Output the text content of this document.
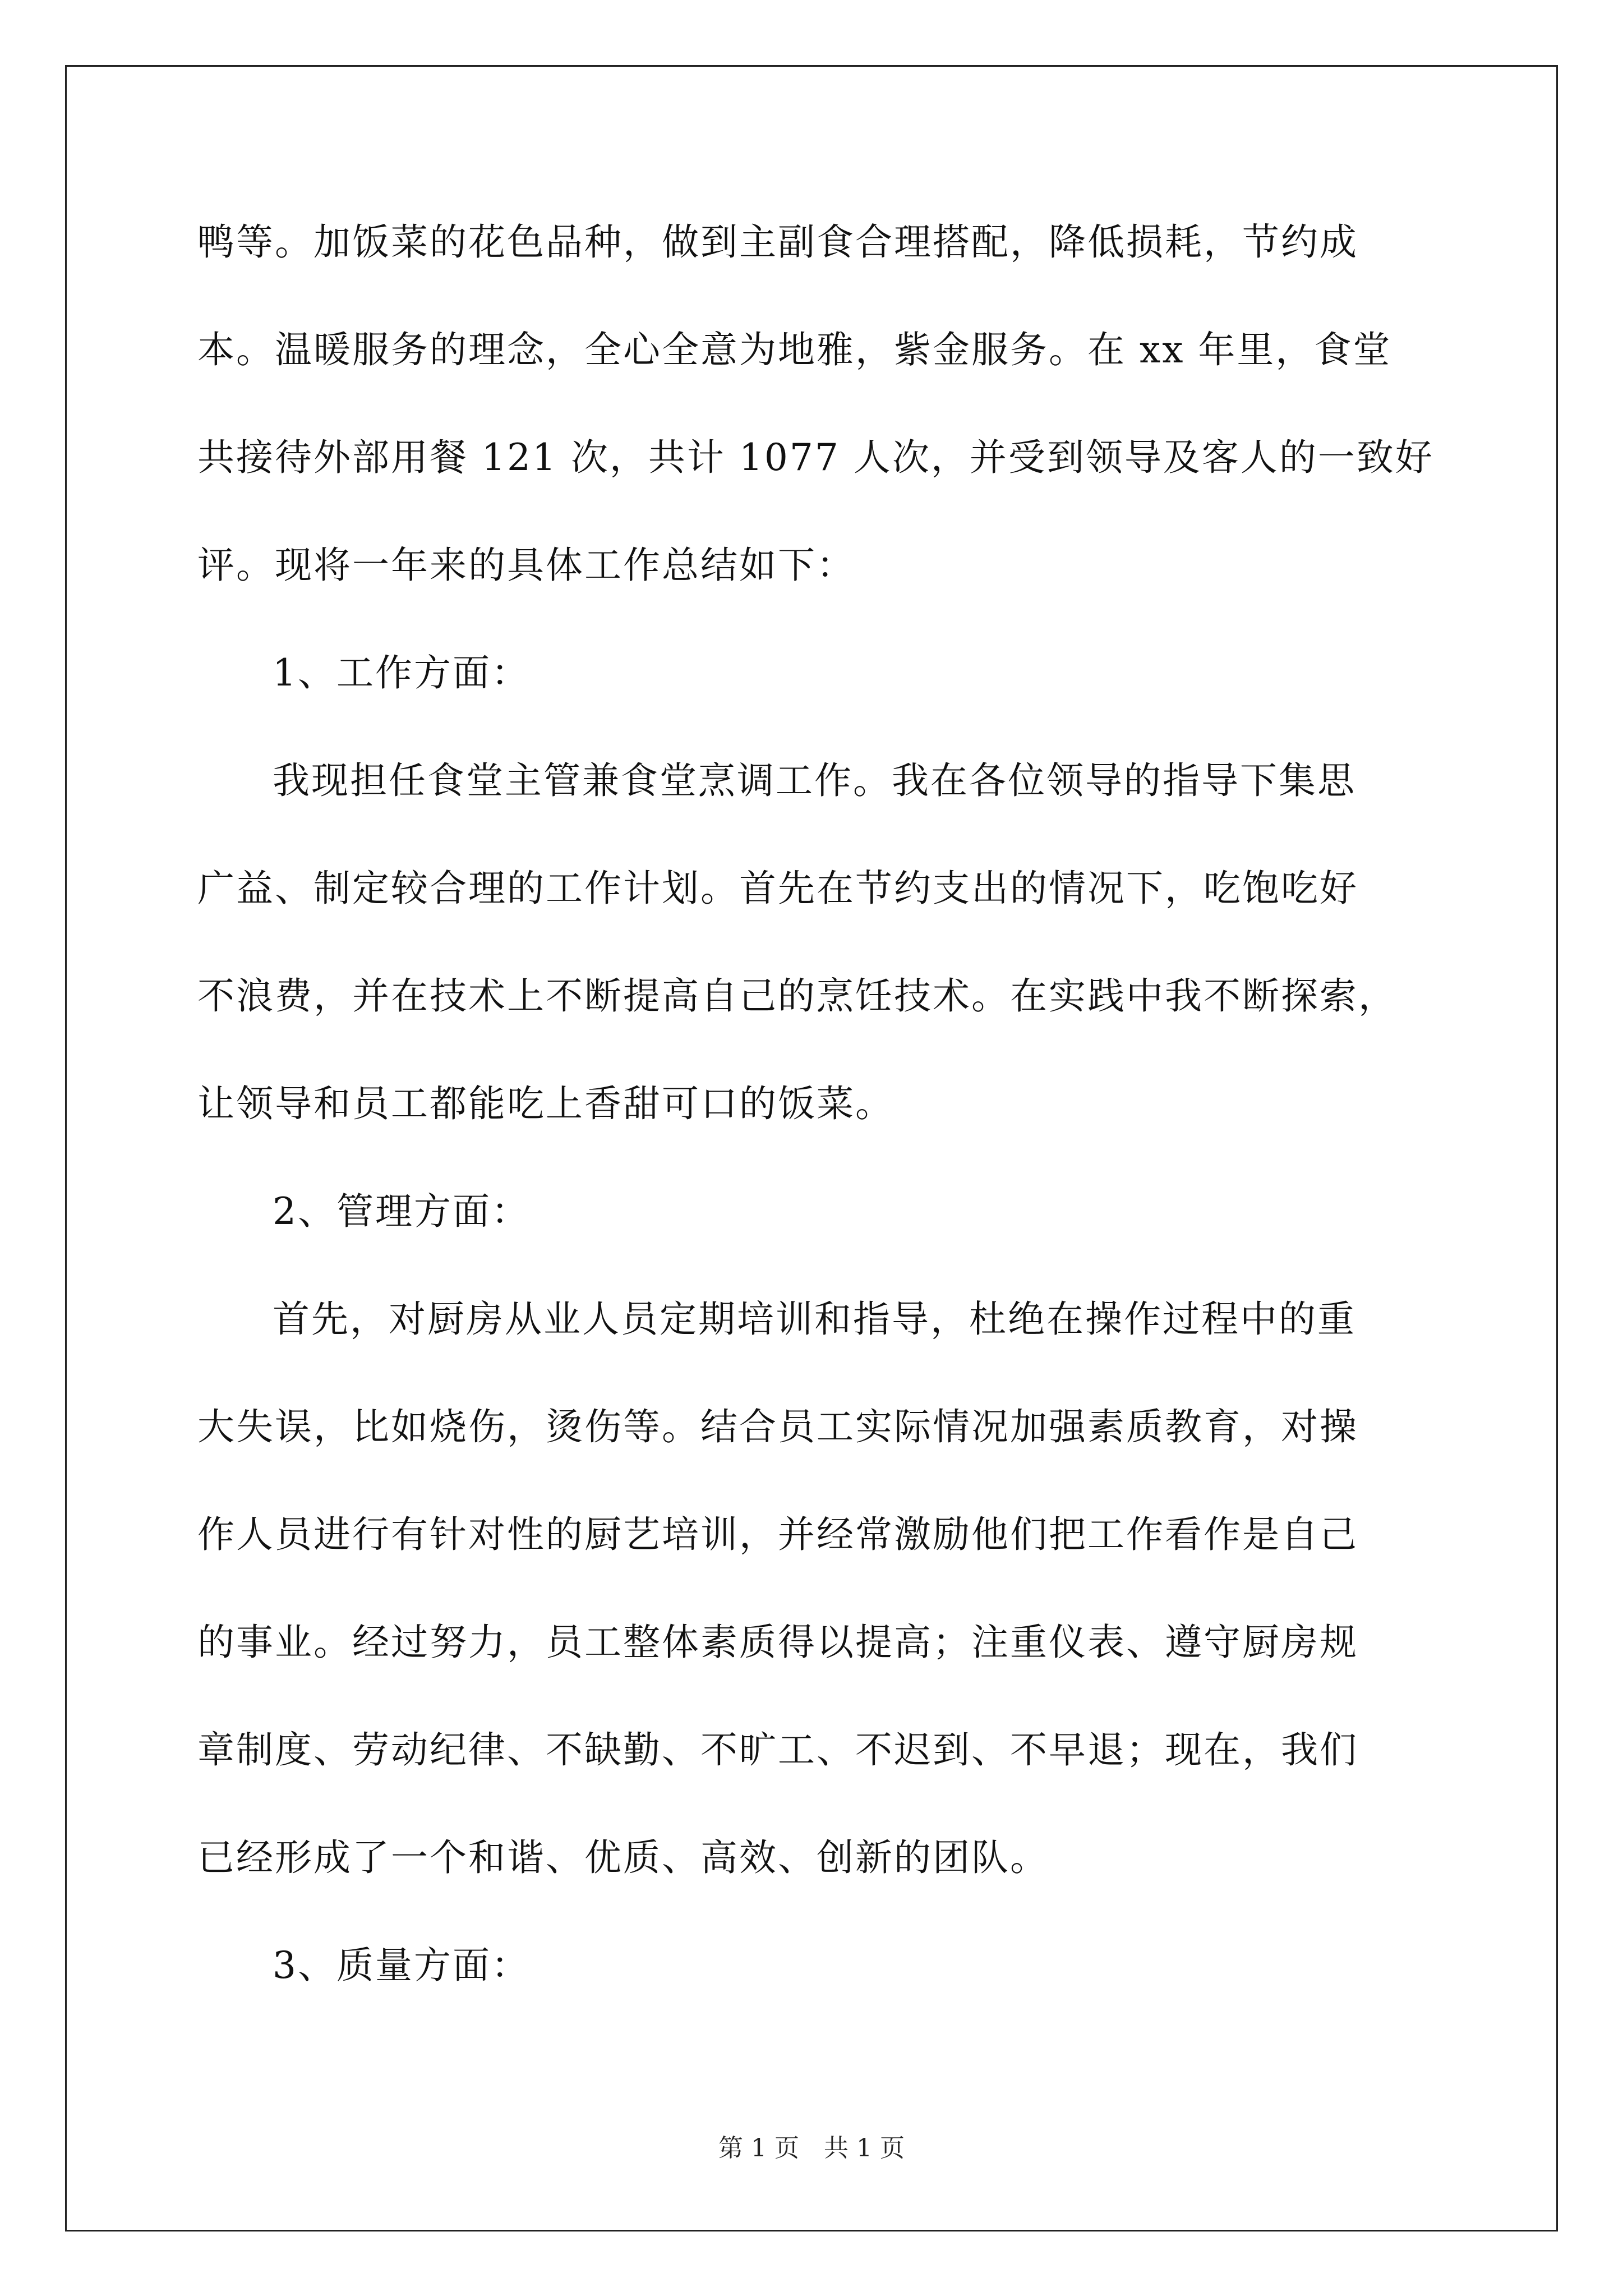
鸭等。加饭菜的花色品种，做到主副食合理搭配，降低损耗，节约成
本。温暖服务的理念，全心全意为地雅，紫金服务。在 xx 年里，食堂
共接待外部用餐 121 次，共计 1077 人次，并受到领导及客人的一致好
评。现将一年来的具体工作总结如下：
1、工作方面：
我现担任食堂主管兼食堂烹调工作。我在各位领导的指导下集思
广益、制定较合理的工作计划。首先在节约支出的情况下，吃饱吃好
不浪费，并在技术上不断提高自己的烹饪技术。在实践中我不断探索，
让领导和员工都能吃上香甜可口的饭菜。
2、管理方面：
首先，对厨房从业人员定期培训和指导，杜绝在操作过程中的重
大失误，比如烧伤，烫伤等。结合员工实际情况加强素质教育，对操
作人员进行有针对性的厨艺培训，并经常激励他们把工作看作是自己
的事业。经过努力，员工整体素质得以提高；注重仪表、遵守厨房规
章制度、劳动纪律、不缺勤、不旷工、不迟到、不早退；现在，我们
已经形成了一个和谐、优质、高效、创新的团队。
3、质量方面：
第 1 页　共 1 页
